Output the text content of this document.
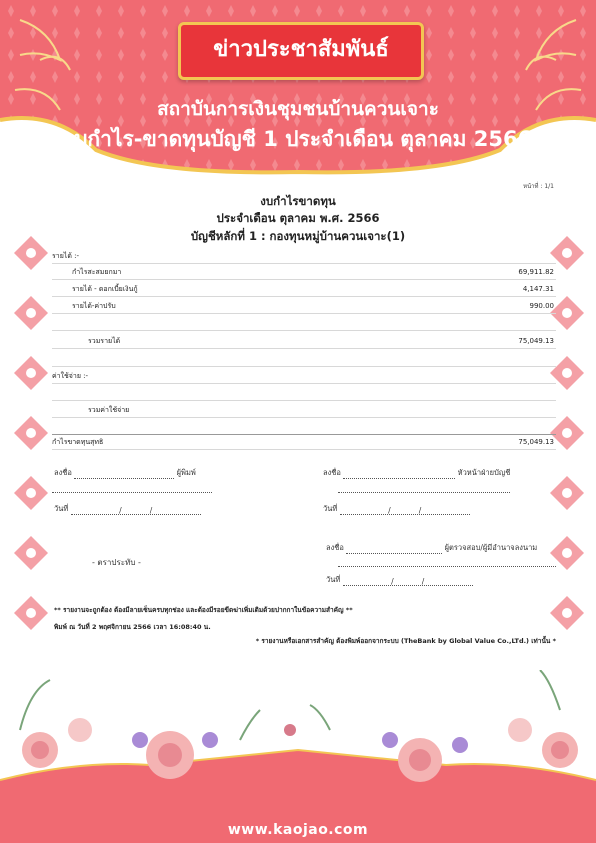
ข่าวประชาสัมพันธ์
สถาบันการเงินชุมชนบ้านควนเจาะ
งบกำไร-ขาดทุนบัญชี 1 ประจำเดือน ตุลาคม 2566
หน้าที่ : 1/1
งบกำไรขาดทุน
ประจำเดือน ตุลาคม พ.ศ. 2566
บัญชีหลักที่ 1 : กองทุนหมู่บ้านควนเจาะ(1)
รายได้ :-
กำไรสะสมยกมา	69,911.82
รายได้ - ดอกเบี้ยเงินกู้	4,147.31
รายได้-ค่าปรับ	990.00
รวมรายได้	75,049.13
ค่าใช้จ่าย :-
รวมค่าใช้จ่าย
กำไรขาดทุนสุทธิ	75,049.13
ลงชื่อ	ผู้พิมพ์
วันที่	/	/
ลงชื่อ	หัวหน้าฝ่ายบัญชี
วันที่	/	/
- ตราประทับ -
ลงชื่อ	ผู้ตรวจสอบ/ผู้มีอำนาจลงนาม
วันที่	/	/
** รายงานจะถูกต้อง ต้องมีลายเซ็นครบทุกช่อง และต้องมีรอยขีดฆ่าเพิ่มเติมด้วยปากกาในข้อความสำคัญ **
พิมพ์ ณ วันที่ 2 พฤศจิกายน 2566 เวลา 16:08:40 น.
* รายงานหรือเอกสารสำคัญ ต้องพิมพ์ออกจากระบบ (TheBank by Global Value Co.,LTd.) เท่านั้น *
www.kaojao.com
